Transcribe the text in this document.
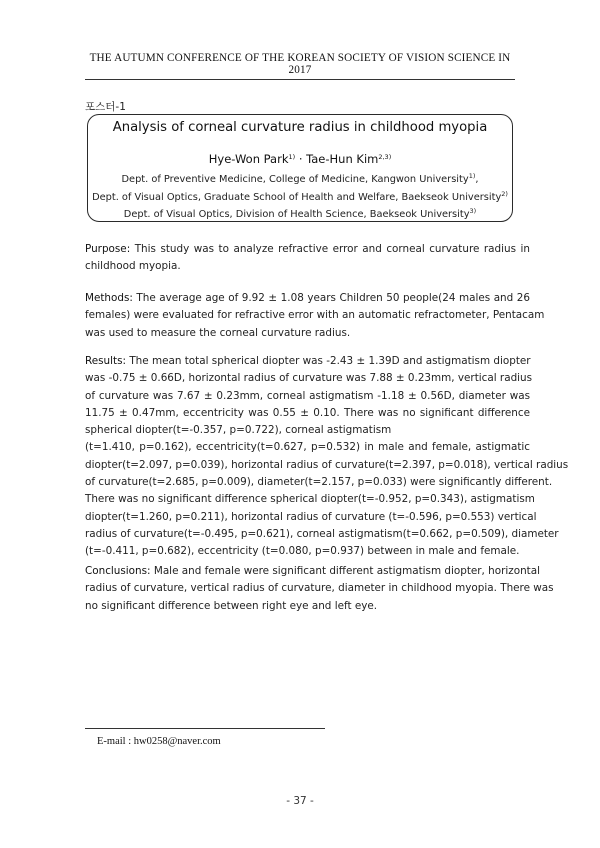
THE AUTUMN CONFERENCE OF THE KOREAN SOCIETY OF VISION SCIENCE IN 2017
포스터-1
Analysis of corneal curvature radius in childhood myopia
Hye-Won Park$^{1)}$ · Tae-Hun Kim$^{2,3)}$
Dept. of Preventive Medicine, College of Medicine, Kangwon University$^{1)}$,
Dept. of Visual Optics, Graduate School of Health and Welfare, Baekseok University$^{2)}$
Dept. of Visual Optics, Division of Health Science, Baekseok University$^{3)}$
Purpose: This study was to analyze refractive error and corneal curvature radius in
childhood myopia.
Methods: The average age of 9.92 ± 1.08 years Children 50 people(24 males and 26
females) were evaluated for refractive error with an automatic refractometer, Pentacam
was used to measure the corneal curvature radius.
Results: The mean total spherical diopter was -2.43 ± 1.39D and astigmatism diopter
was -0.75 ± 0.66D, horizontal radius of curvature was 7.88 ± 0.23mm, vertical radius
of curvature was 7.67 ± 0.23mm, corneal astigmatism -1.18 ± 0.56D, diameter was
11.75 ± 0.47mm, eccentricity was 0.55 ± 0.10. There was no significant difference
spherical diopter(t=-0.357, p=0.722), corneal astigmatism
(t=1.410, p=0.162), eccentricity(t=0.627, p=0.532) in male and female, astigmatic
diopter(t=2.097, p=0.039), horizontal radius of curvature(t=2.397, p=0.018), vertical radius
of curvature(t=2.685, p=0.009), diameter(t=2.157, p=0.033) were significantly different.
There was no significant difference spherical diopter(t=-0.952, p=0.343), astigmatism
diopter(t=1.260, p=0.211), horizontal radius of curvature (t=-0.596, p=0.553) vertical
radius of curvature(t=-0.495, p=0.621), corneal astigmatism(t=0.662, p=0.509), diameter
(t=-0.411, p=0.682), eccentricity (t=0.080, p=0.937) between in male and female.
Conclusions: Male and female were significant different astigmatism diopter, horizontal
radius of curvature, vertical radius of curvature, diameter in childhood myopia. There was
no significant difference between right eye and left eye.
E-mail : hw0258@naver.com
- 37 -
